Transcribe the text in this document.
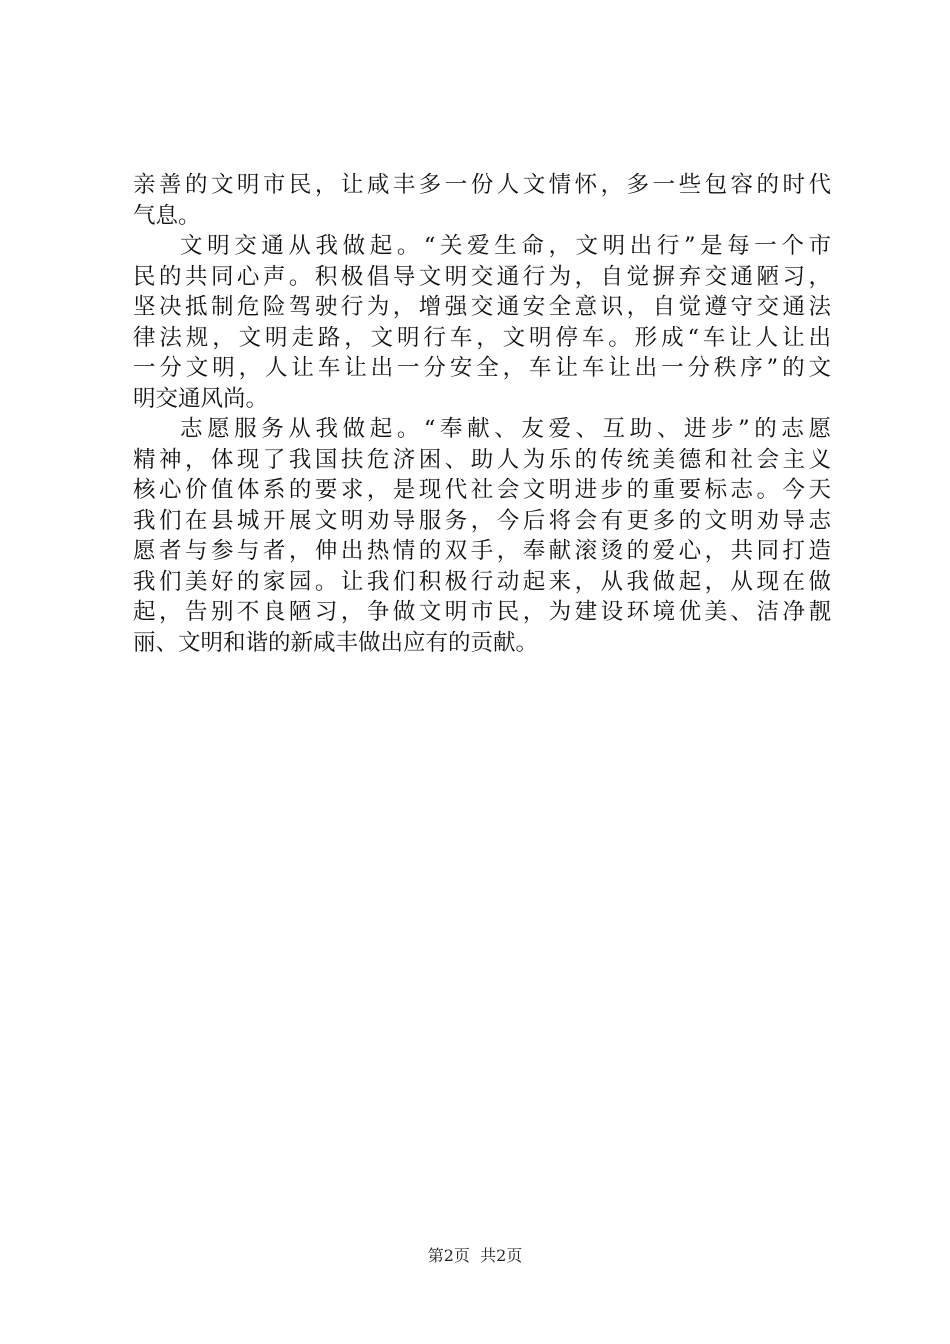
亲善的文明市民，让咸丰多一份人文情怀，多一些包容的时代
气息。
文明交通从我做起。“关爱生命，文明出行”是每一个市
民的共同心声。积极倡导文明交通行为，自觉摒弃交通陋习，
坚决抵制危险驾驶行为，增强交通安全意识，自觉遵守交通法
律法规，文明走路，文明行车，文明停车。形成“车让人让出
一分文明，人让车让出一分安全，车让车让出一分秩序”的文
明交通风尚。
志愿服务从我做起。“奉献、友爱、互助、进步”的志愿
精神，体现了我国扶危济困、助人为乐的传统美德和社会主义
核心价值体系的要求，是现代社会文明进步的重要标志。今天
我们在县城开展文明劝导服务，今后将会有更多的文明劝导志
愿者与参与者，伸出热情的双手，奉献滚烫的爱心，共同打造
我们美好的家园。让我们积极行动起来，从我做起，从现在做
起，告别不良陋习，争做文明市民，为建设环境优美、洁净靓
丽、文明和谐的新咸丰做出应有的贡献。
第2页  共2页
